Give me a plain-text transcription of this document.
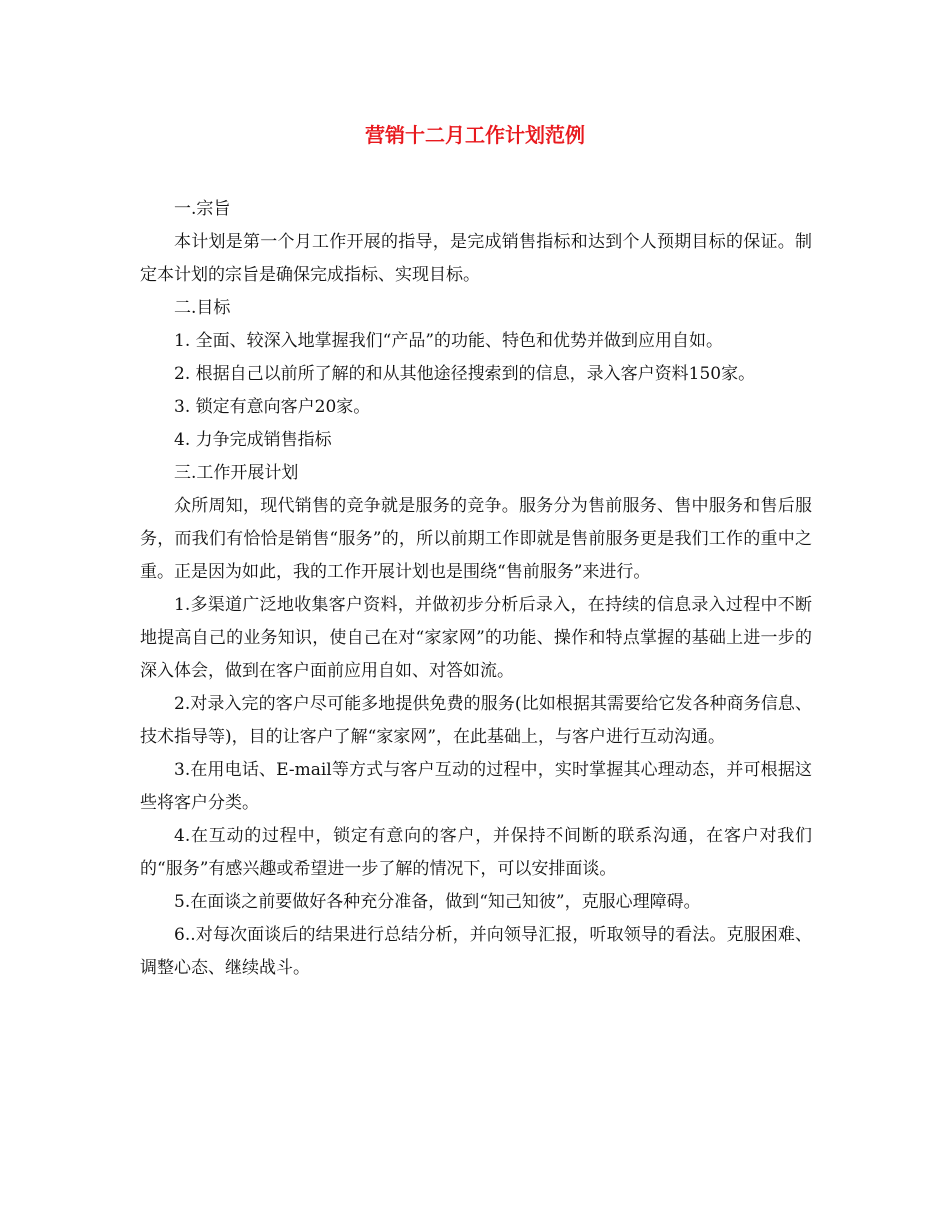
营销十二月工作计划范例

一.宗旨

本计划是第一个月工作开展的指导，是完成销售指标和达到个人预期目标的保证。制定本计划的宗旨是确保完成指标、实现目标。

二.目标

1. 全面、较深入地掌握我们“产品”的功能、特色和优势并做到应用自如。

2. 根据自己以前所了解的和从其他途径搜索到的信息，录入客户资料150家。

3. 锁定有意向客户20家。

4. 力争完成销售指标

三.工作开展计划

众所周知，现代销售的竞争就是服务的竞争。服务分为售前服务、售中服务和售后服务，而我们有恰恰是销售“服务”的，所以前期工作即就是售前服务更是我们工作的重中之重。正是因为如此，我的工作开展计划也是围绕“售前服务”来进行。

1.多渠道广泛地收集客户资料，并做初步分析后录入，在持续的信息录入过程中不断地提高自己的业务知识，使自己在对“家家网”的功能、操作和特点掌握的基础上进一步的深入体会，做到在客户面前应用自如、对答如流。

2.对录入完的客户尽可能多地提供免费的服务(比如根据其需要给它发各种商务信息、技术指导等)，目的让客户了解“家家网”，在此基础上，与客户进行互动沟通。

3.在用电话、E-mail等方式与客户互动的过程中，实时掌握其心理动态，并可根据这些将客户分类。

4.在互动的过程中，锁定有意向的客户，并保持不间断的联系沟通，在客户对我们的“服务”有感兴趣或希望进一步了解的情况下，可以安排面谈。

5.在面谈之前要做好各种充分准备，做到“知己知彼”，克服心理障碍。

6..对每次面谈后的结果进行总结分析，并向领导汇报，听取领导的看法。克服困难、调整心态、继续战斗。
